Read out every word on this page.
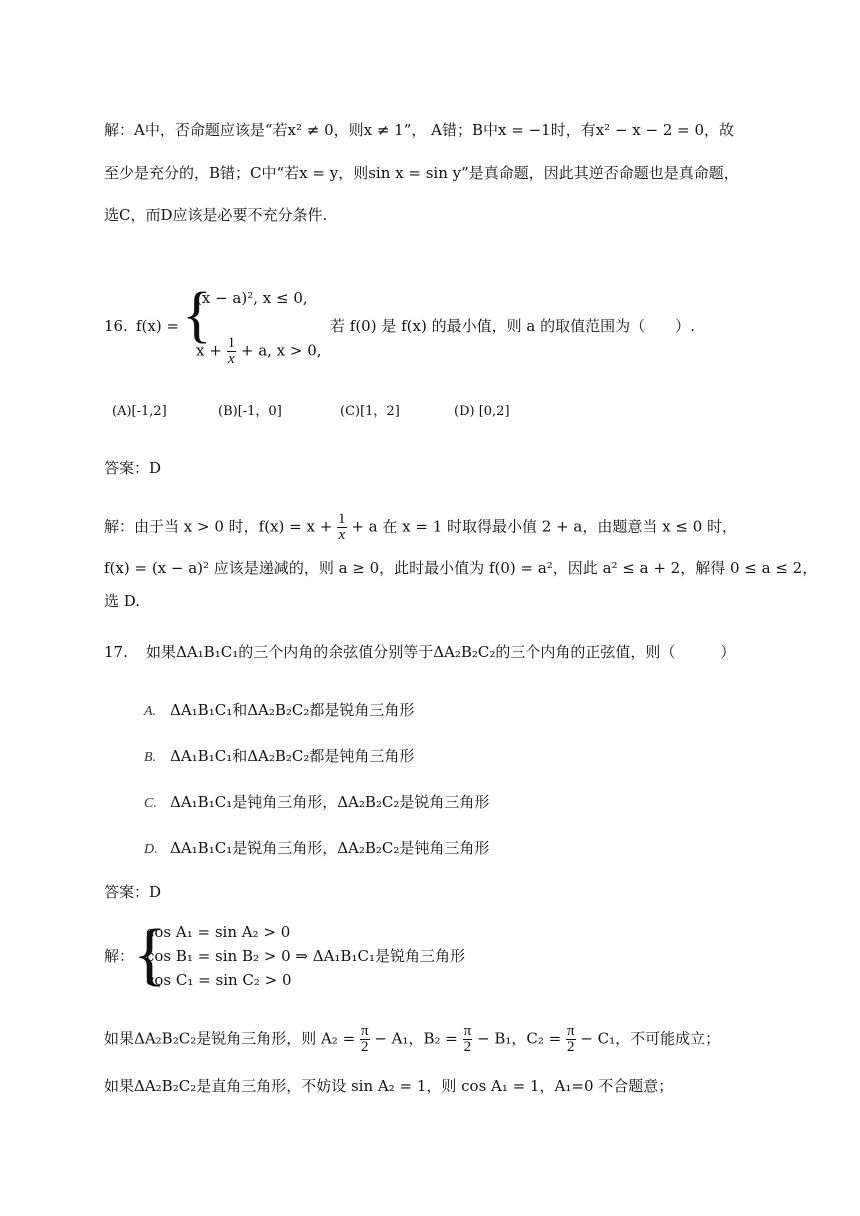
解：A中，否命题应该是“若x² ≠ 0，则x ≠ 1”， A错；B中x = −1时，有x² − x − 2 = 0，故
至少是充分的，B错；C中“若x = y，则sin x = sin y”是真命题，因此其逆否命题也是真命题，
选C，而D应该是必要不充分条件.
16. f(x) = {
(x − a)², x ≤ 0,
$x + \frac{1}{x} + a$, x > 0,
若 f(0) 是 f(x) 的最小值，则 a 的取值范围为（　　）.
(A)[-1,2]	(B)[-1，0]	(C)[1，2]	(D) [0,2]
答案：D
解：由于当 x > 0 时，$f(x) = x + \frac{1}{x} + a$ 在 x = 1 时取得最小值 2 + a，由题意当 x ≤ 0 时，
f(x) = (x − a)² 应该是递减的，则 a ≥ 0，此时最小值为 f(0) = a²，因此 a² ≤ a + 2，解得 0 ≤ a ≤ 2，
选 D.
17. 如果ΔA₁B₁C₁的三个内角的余弦值分别等于ΔA₂B₂C₂的三个内角的正弦值，则（　　　）
A. ΔA₁B₁C₁和ΔA₂B₂C₂都是锐角三角形
B. ΔA₁B₁C₁和ΔA₂B₂C₂都是钝角三角形
C. ΔA₁B₁C₁是钝角三角形，ΔA₂B₂C₂是锐角三角形
D. ΔA₁B₁C₁是锐角三角形，ΔA₂B₂C₂是钝角三角形
答案：D
解：
{
cos A₁ = sin A₂ > 0
cos B₁ = sin B₂ > 0 ⇒ ΔA₁B₁C₁是锐角三角形
cos C₁ = sin C₂ > 0
如果ΔA₂B₂C₂是锐角三角形，则 $A_2 = \frac{\pi}{2} - A_1$，$B_2 = \frac{\pi}{2} - B_1$，$C_2 = \frac{\pi}{2} - C_1$，不可能成立；
如果ΔA₂B₂C₂是直角三角形，不妨设 sin A₂ = 1，则 cos A₁ = 1，A₁=0 不合题意；
